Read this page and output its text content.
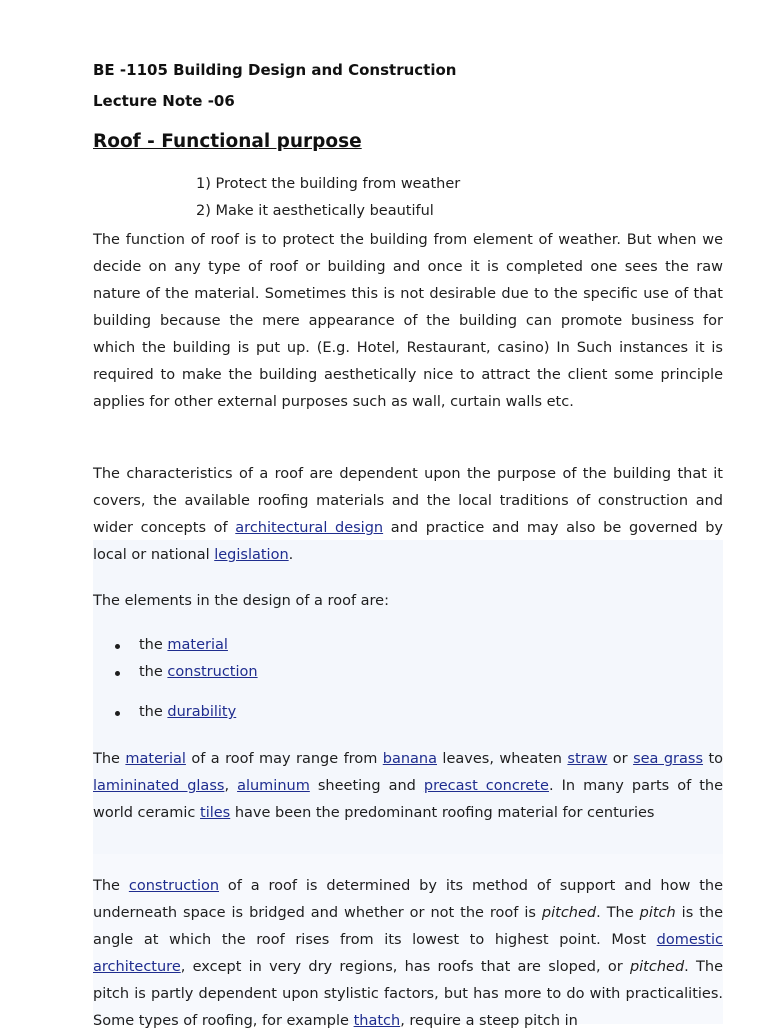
BE -1105 Building Design and Construction
Lecture Note -06
Roof - Functional purpose
1) Protect the building from weather
2) Make it aesthetically beautiful
The function of roof is to protect the building from element of weather. But when we decide on any type of roof or building and once it is completed one sees the raw nature of the material. Sometimes this is not desirable due to the specific use of that building because the mere appearance of the building can promote business for which the building is put up. (E.g. Hotel, Restaurant, casino) In Such instances it is required to make the building aesthetically nice to attract the client some principle applies for other external purposes such as wall, curtain walls etc.
The characteristics of a roof are dependent upon the purpose of the building that it covers, the available roofing materials and the local traditions of construction and wider concepts of architectural design and practice and may also be governed by local or national legislation.
The elements in the design of a roof are:
the material
the construction
the durability
The material of a roof may range from banana leaves, wheaten straw or sea grass to lamininated glass, aluminum sheeting and precast concrete. In many parts of the world ceramic tiles have been the predominant roofing material for centuries
The construction of a roof is determined by its method of support and how the underneath space is bridged and whether or not the roof is pitched. The pitch is the angle at which the roof rises from its lowest to highest point. Most domestic architecture, except in very dry regions, has roofs that are sloped, or pitched. The pitch is partly dependent upon stylistic factors, but has more to do with practicalities. Some types of roofing, for example thatch, require a steep pitch in
